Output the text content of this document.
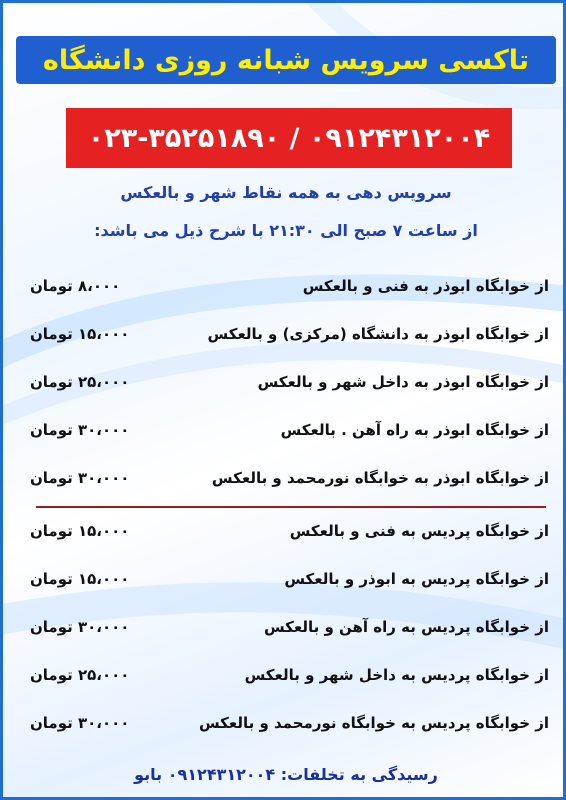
تاکسی سرویس شبانه روزی دانشگاه
۰۲۳-۳۵۲۵۱۸۹۰ / ۰۹۱۲۴۳۱۲۰۰۴
سرویس دهی به همه نقاط شهر و بالعکس
از ساعت ۷ صبح الی ۲۱:۳۰ با شرح ذیل می باشد:
از خوابگاه ابوذر به فنی و بالعکس
۸،۰۰۰ تومان
از خوابگاه ابوذر به دانشگاه (مرکزی) و بالعکس
۱۵،۰۰۰ تومان
از خوابگاه ابوذر به داخل شهر و بالعکس
۲۵،۰۰۰ تومان
از خوابگاه ابوذر به راه آهن . بالعکس
۳۰،۰۰۰ تومان
از خوابگاه ابوذر به خوابگاه نورمحمد و بالعکس
۳۰،۰۰۰ تومان
از خوابگاه پردیس به فنی و بالعکس
۱۵،۰۰۰ تومان
از خوابگاه پردیس به ابوذر و بالعکس
۱۵،۰۰۰ تومان
از خوابگاه پردیس به راه آهن و بالعکس
۳۰،۰۰۰ تومان
از خوابگاه پردیس به داخل شهر و بالعکس
۲۵،۰۰۰ تومان
از خوابگاه پردیس به خوابگاه نورمحمد و بالعکس
۳۰،۰۰۰ تومان
رسیدگی به تخلفات: ۰۹۱۲۴۳۱۲۰۰۴ بابو
